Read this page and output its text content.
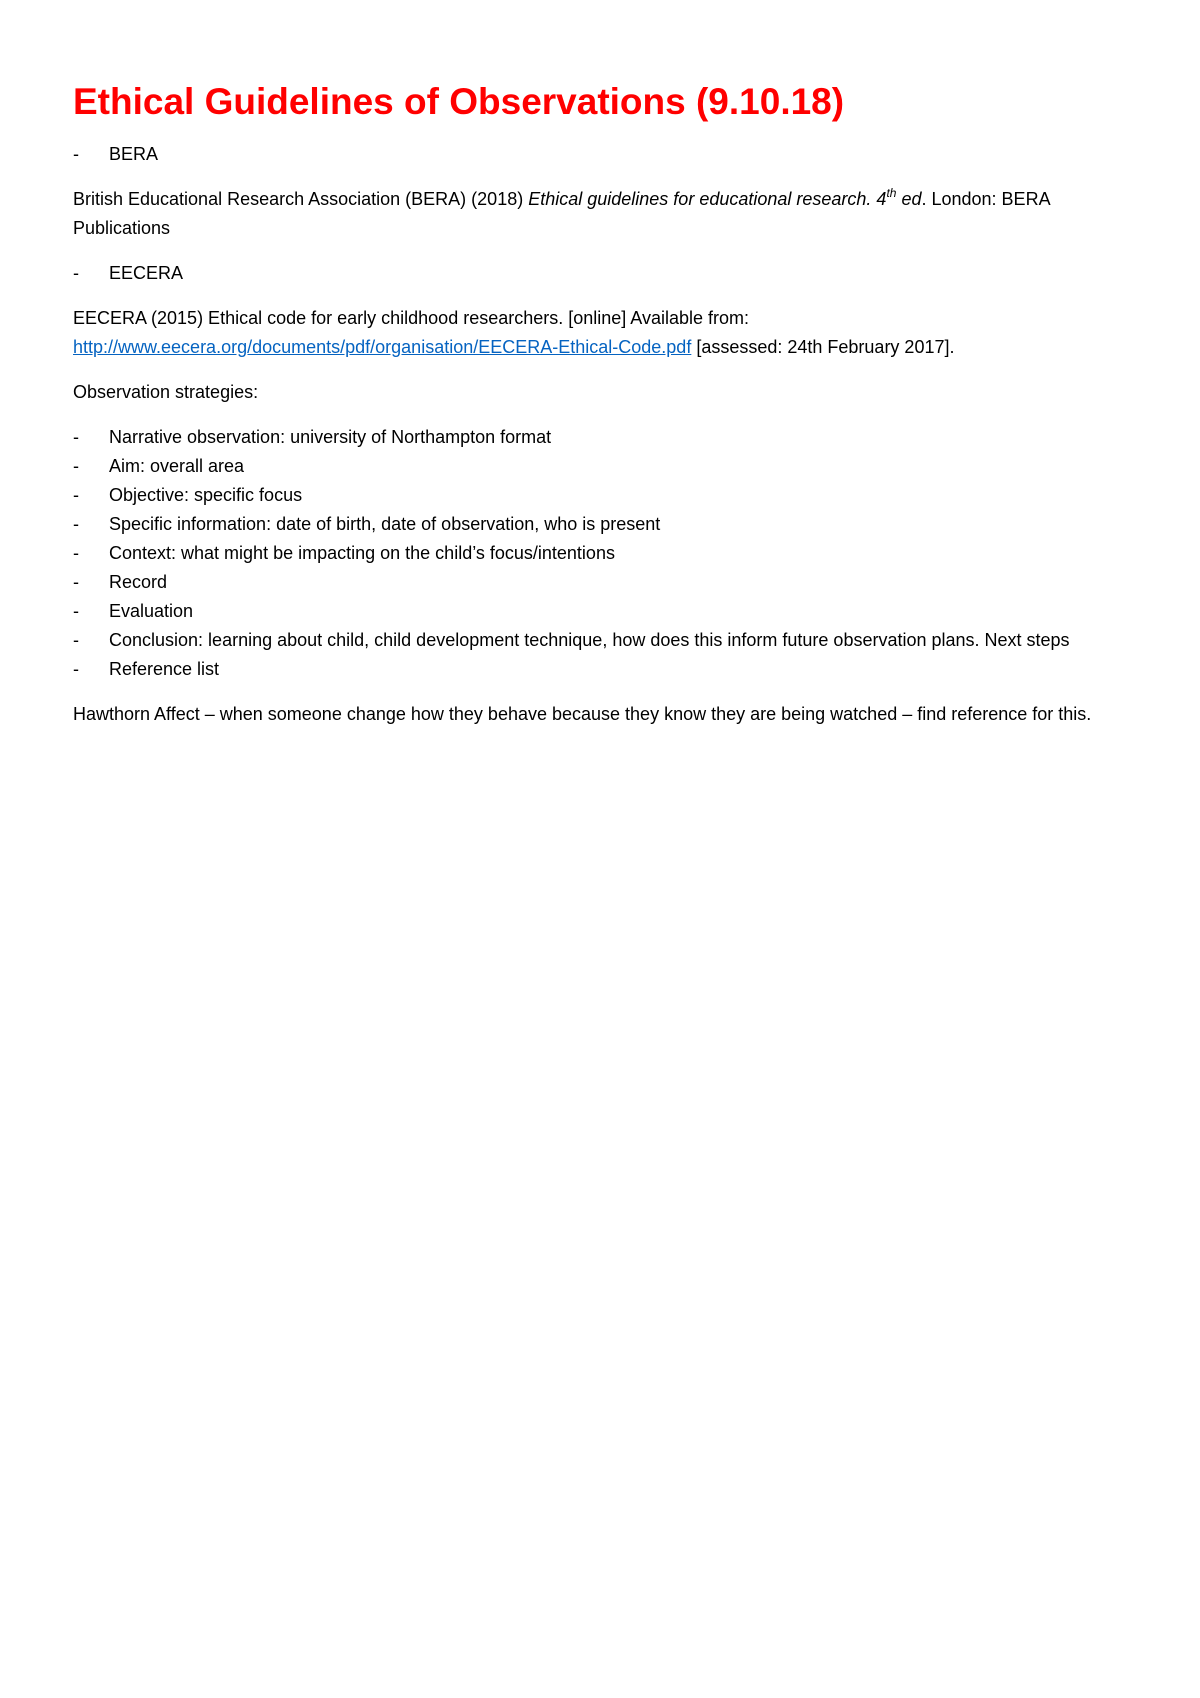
Ethical Guidelines of Observations (9.10.18)
- BERA

British Educational Research Association (BERA) (2018) Ethical guidelines for educational research. 4th ed. London: BERA Publications

- EECERA

EECERA (2015) Ethical code for early childhood researchers. [online] Available from: http://www.eecera.org/documents/pdf/organisation/EECERA-Ethical-Code.pdf [assessed: 24th February 2017].

Observation strategies:

- Narrative observation: university of Northampton format
- Aim: overall area
- Objective: specific focus
- Specific information: date of birth, date of observation, who is present
- Context: what might be impacting on the child’s focus/intentions
- Record
- Evaluation
- Conclusion: learning about child, child development technique, how does this inform future observation plans. Next steps
- Reference list

Hawthorn Affect – when someone change how they behave because they know they are being watched – find reference for this.
